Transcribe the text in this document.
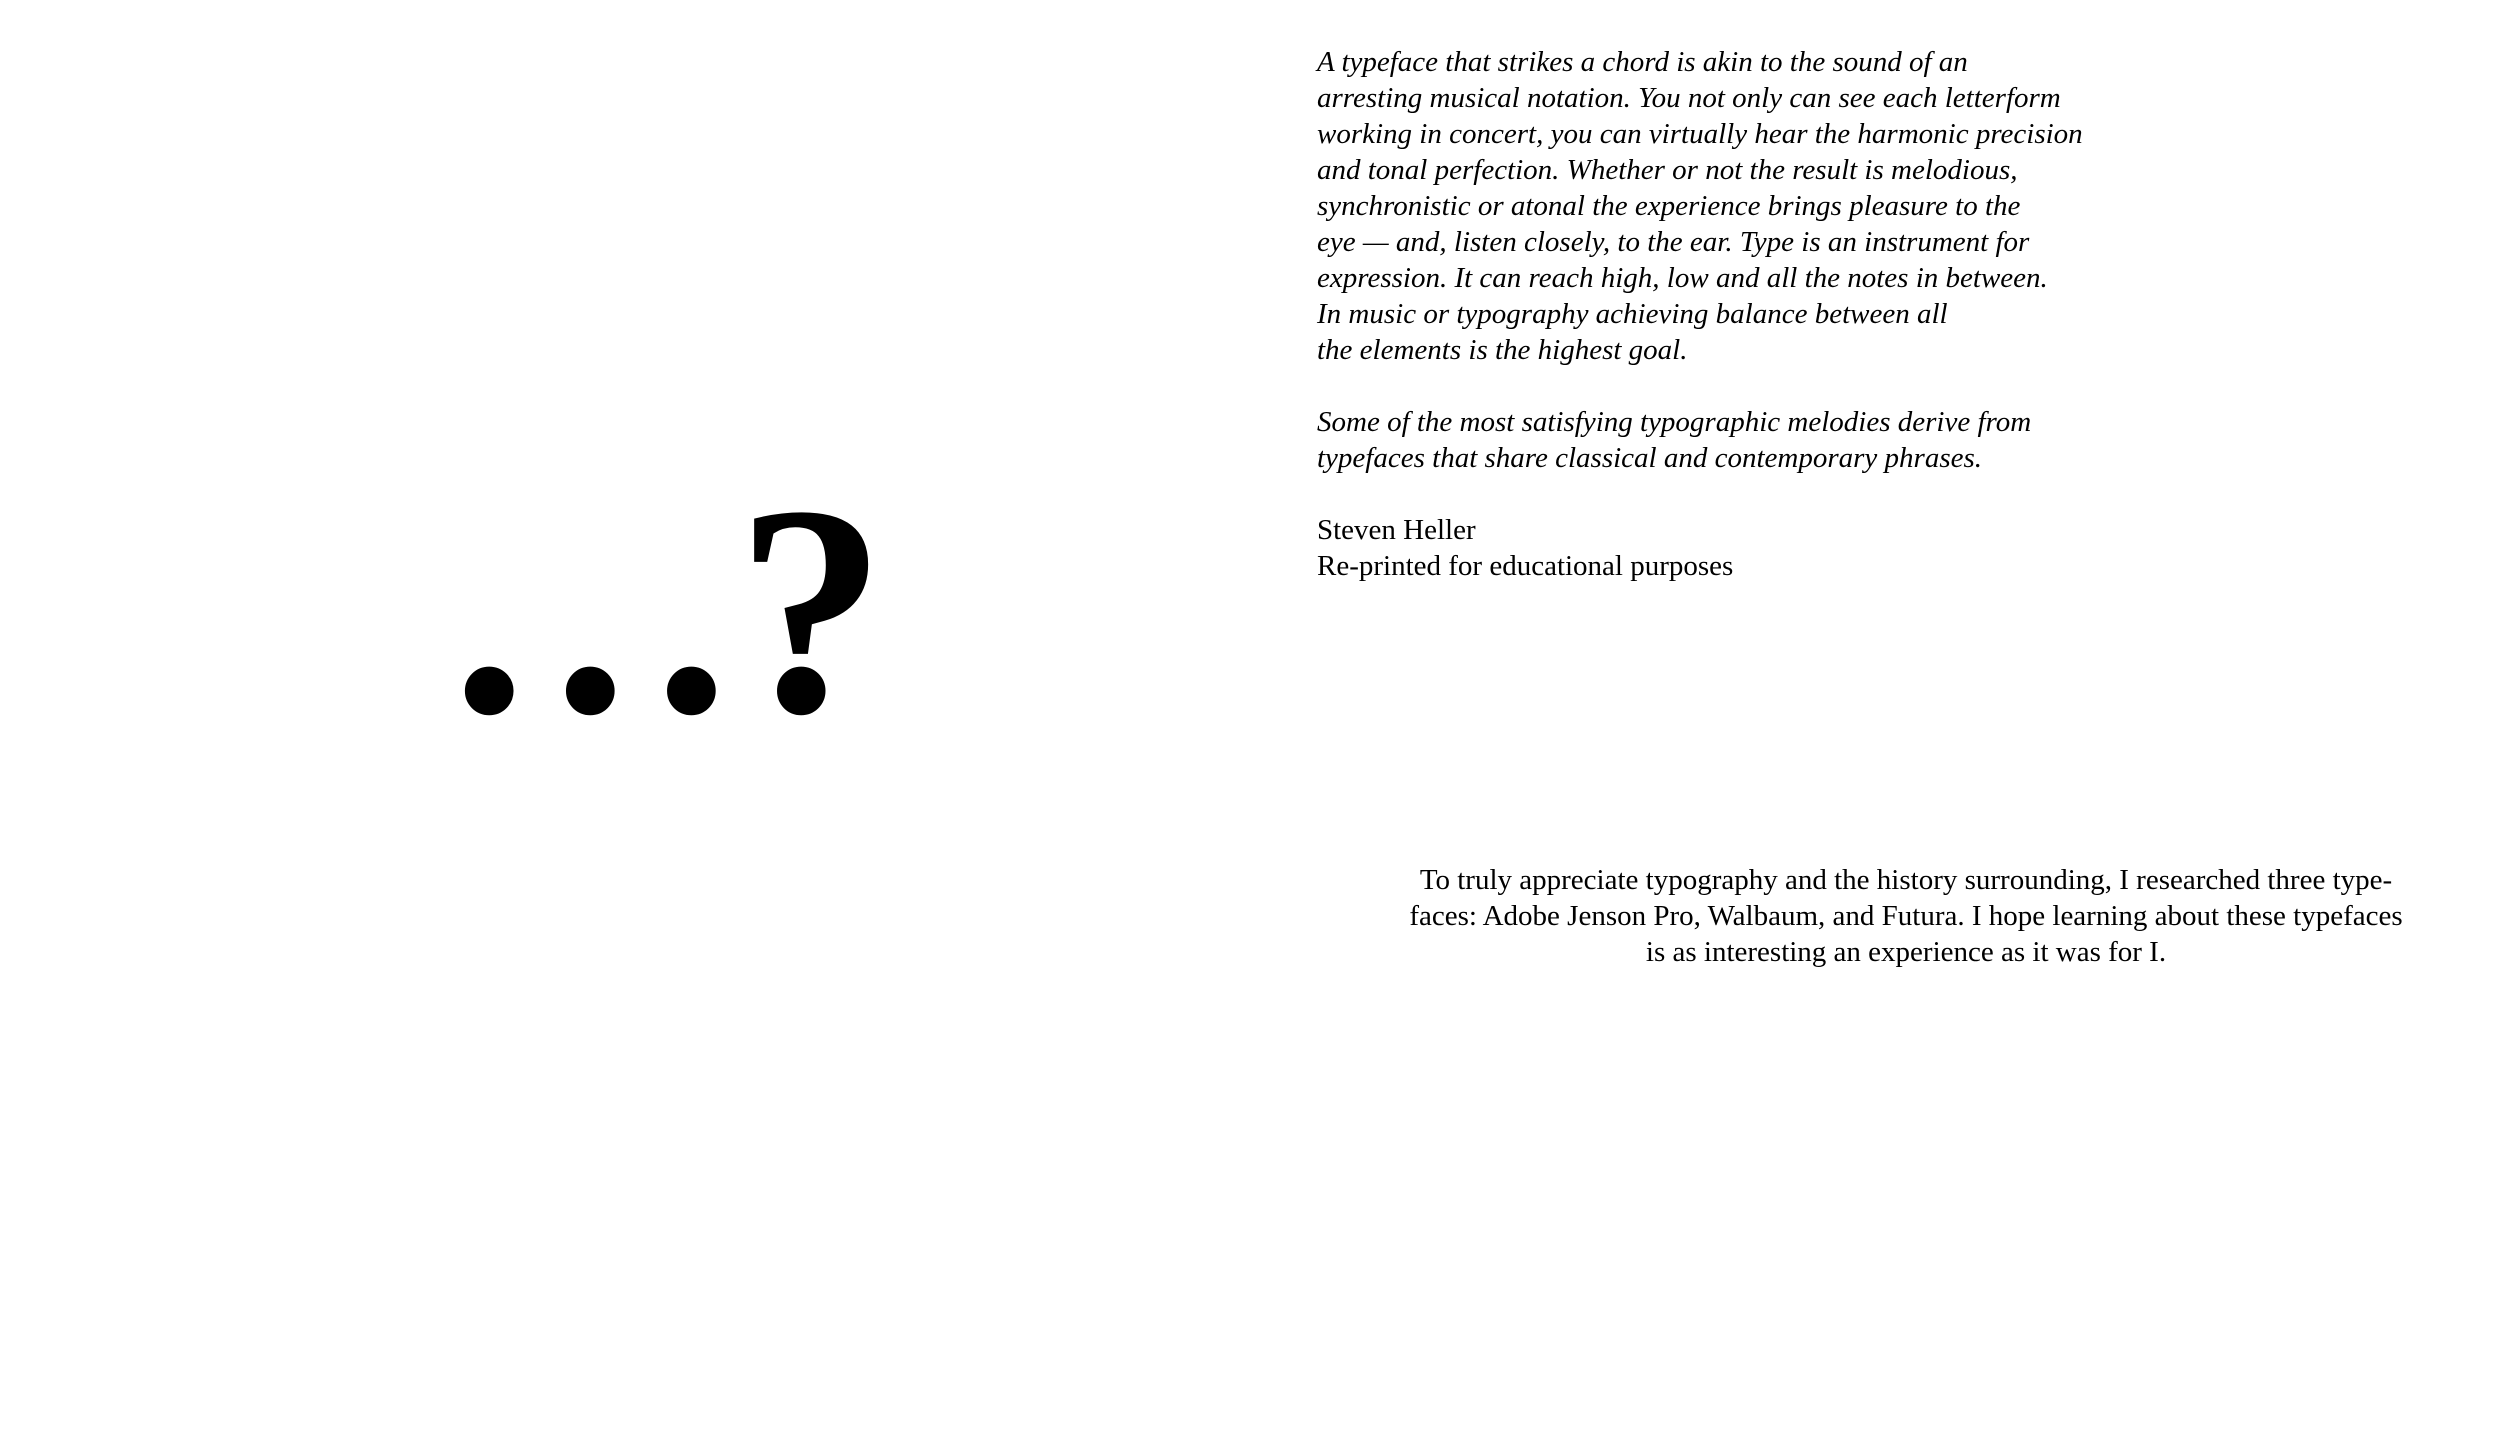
…?

A typeface that strikes a chord is akin to the sound of an
arresting musical notation. You not only can see each letterform
working in concert, you can virtually hear the harmonic precision
and tonal perfection. Whether or not the result is melodious,
synchronistic or atonal the experience brings pleasure to the
eye — and, listen closely, to the ear. Type is an instrument for
expression. It can reach high, low and all the notes in between.
In music or typography achieving balance between all
the elements is the highest goal.

Some of the most satisfying typographic melodies derive from
typefaces that share classical and contemporary phrases.

Steven Heller
Re-printed for educational purposes

To truly appreciate typography and the history surrounding, I researched three type-
faces: Adobe Jenson Pro, Walbaum, and Futura. I hope learning about these typefaces
is as interesting an experience as it was for I.
